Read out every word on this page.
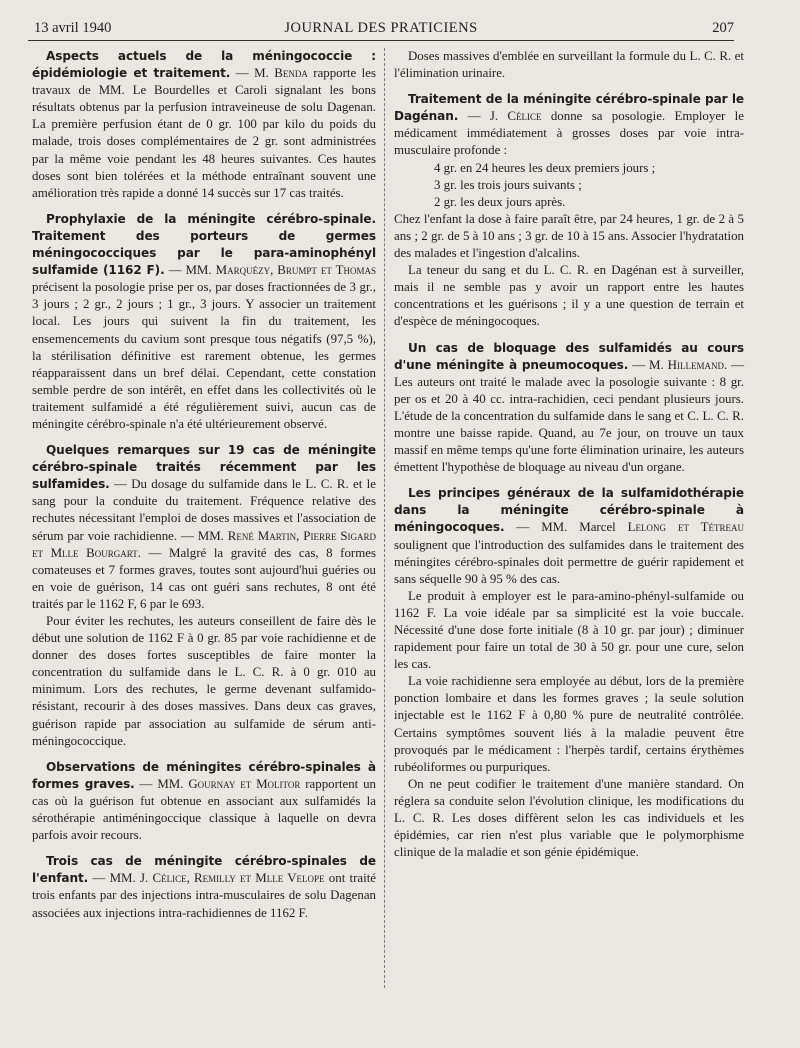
13 avril 1940	JOURNAL DES PRATICIENS	207

Aspects actuels de la méningococcie : épidémiologie et traitement. — M. Benda rapporte les travaux de MM. Le Bourdelles et Caroli signalant les bons résultats obtenus par la perfusion intraveineuse de solu Dagenan. La première perfusion étant de 0 gr. 100 par kilo du poids du malade, trois doses complémentaires de 2 gr. sont administrées par la même voie pendant les 48 heures suivantes. Ces hautes doses sont bien tolérées et la méthode entraînant souvent une amélioration très rapide a donné 14 succès sur 17 cas traités.

Prophylaxie de la méningite cérébro-spinale. Traitement des porteurs de germes méningococciques par le para-aminophényl sulfamide (1162 F). — MM. Marquézy, Brumpt et Thomas précisent la posologie prise per os, par doses fractionnées de 3 gr., 3 jours ; 2 gr., 2 jours ; 1 gr., 3 jours. Y associer un traitement local. Les jours qui suivent la fin du traitement, les ensemencements du cavium sont presque tous négatifs (97,5 %), la stérilisation définitive est rarement obtenue, les germes réapparaissent dans un bref délai. Cependant, cette constation semble perdre de son intérêt, en effet dans les collectivités où le traitement sulfamidé a été régulièrement suivi, aucun cas de méningite cérébro-spinale n'a été ultérieurement observé.

Quelques remarques sur 19 cas de méningite cérébro-spinale traités récemment par les sulfamides. — Du dosage du sulfamide dans le L. C. R. et le sang pour la conduite du traitement. Fréquence relative des rechutes nécessitant l'emploi de doses massives et l'association de sérum par voie rachidienne. — MM. René Martin, Pierre Sigard et Mlle Bourgart. — Malgré la gravité des cas, 8 formes comateuses et 7 formes graves, toutes sont aujourd'hui guéries ou en voie de guérison, 14 cas ont guéri sans rechutes, 8 ont été traités par le 1162 F, 6 par le 693.

Pour éviter les rechutes, les auteurs conseillent de faire dès le début une solution de 1162 F à 0 gr. 85 par voie rachidienne et de donner des doses fortes susceptibles de faire monter la concentration du sulfamide dans le L. C. R. à 0 gr. 010 au minimum. Lors des rechutes, le germe devenant sulfamido-résistant, recourir à des doses massives. Dans deux cas graves, guérison rapide par association au sulfamide de sérum anti-méningococcique.

Observations de méningites cérébro-spinales à formes graves. — MM. Gournay et Molitor rapportent un cas où la guérison fut obtenue en associant aux sulfamidés la sérothérapie antiméningoccique classique à laquelle on devra parfois avoir recours.

Trois cas de méningite cérébro-spinales de l'enfant. — MM. J. Célice, Remilly et Mlle Velope ont traité trois enfants par des injections intra-musculaires de solu Dagenan associées aux injections intra-rachidiennes de 1162 F.

Doses massives d'emblée en surveillant la formule du L. C. R. et l'élimination urinaire.

Traitement de la méningite cérébro-spinale par le Dagénan. — J. Célice donne sa posologie. Employer le médicament immédiatement à grosses doses par voie intra-musculaire profonde :

4 gr. en 24 heures les deux premiers jours ;

3 gr. les trois jours suivants ;

2 gr. les deux jours après.

Chez l'enfant la dose à faire paraît être, par 24 heures, 1 gr. de 2 à 5 ans ; 2 gr. de 5 à 10 ans ; 3 gr. de 10 à 15 ans. Associer l'hydratation des malades et l'ingestion d'alcalins.

La teneur du sang et du L. C. R. en Dagénan est à surveiller, mais il ne semble pas y avoir un rapport entre les hautes concentrations et les guérisons ; il y a une question de terrain et d'espèce de méningocoques.

Un cas de bloquage des sulfamidés au cours d'une méningite à pneumocoques. — M. Hillemand. — Les auteurs ont traité le malade avec la posologie suivante : 8 gr. per os et 20 à 40 cc. intra-rachidien, ceci pendant plusieurs jours. L'étude de la concentration du sulfamide dans le sang et C. L. C. R. montre une baisse rapide. Quand, au 7e jour, on trouve un taux massif en même temps qu'une forte élimination urinaire, les auteurs émettent l'hypothèse de bloquage au niveau d'un organe.

Les principes généraux de la sulfamidothérapie dans la méningite cérébro-spinale à méningocoques. — MM. Marcel Lelong et Tétreau soulignent que l'introduction des sulfamides dans le traitement des méningites cérébro-spinales doit permettre de guérir rapidement et sans séquelle 90 à 95 % des cas.

Le produit à employer est le para-amino-phényl-sulfamide ou 1162 F. La voie idéale par sa simplicité est la voie buccale. Nécessité d'une dose forte initiale (8 à 10 gr. par jour) ; diminuer rapidement pour faire un total de 30 à 50 gr. pour une cure, selon les cas.

La voie rachidienne sera employée au début, lors de la première ponction lombaire et dans les formes graves ; la seule solution injectable est le 1162 F à 0,80 % pure de neutralité contrôlée. Certains symptômes souvent liés à la maladie peuvent être provoqués par le médicament : l'herpès tardif, certains érythèmes rubéoliformes ou purpuriques.

On ne peut codifier le traitement d'une manière standard. On réglera sa conduite selon l'évolution clinique, les modifications du L. C. R. Les doses diffèrent selon les cas individuels et les épidémies, car rien n'est plus variable que le polymorphisme clinique de la maladie et son génie épidémique.
